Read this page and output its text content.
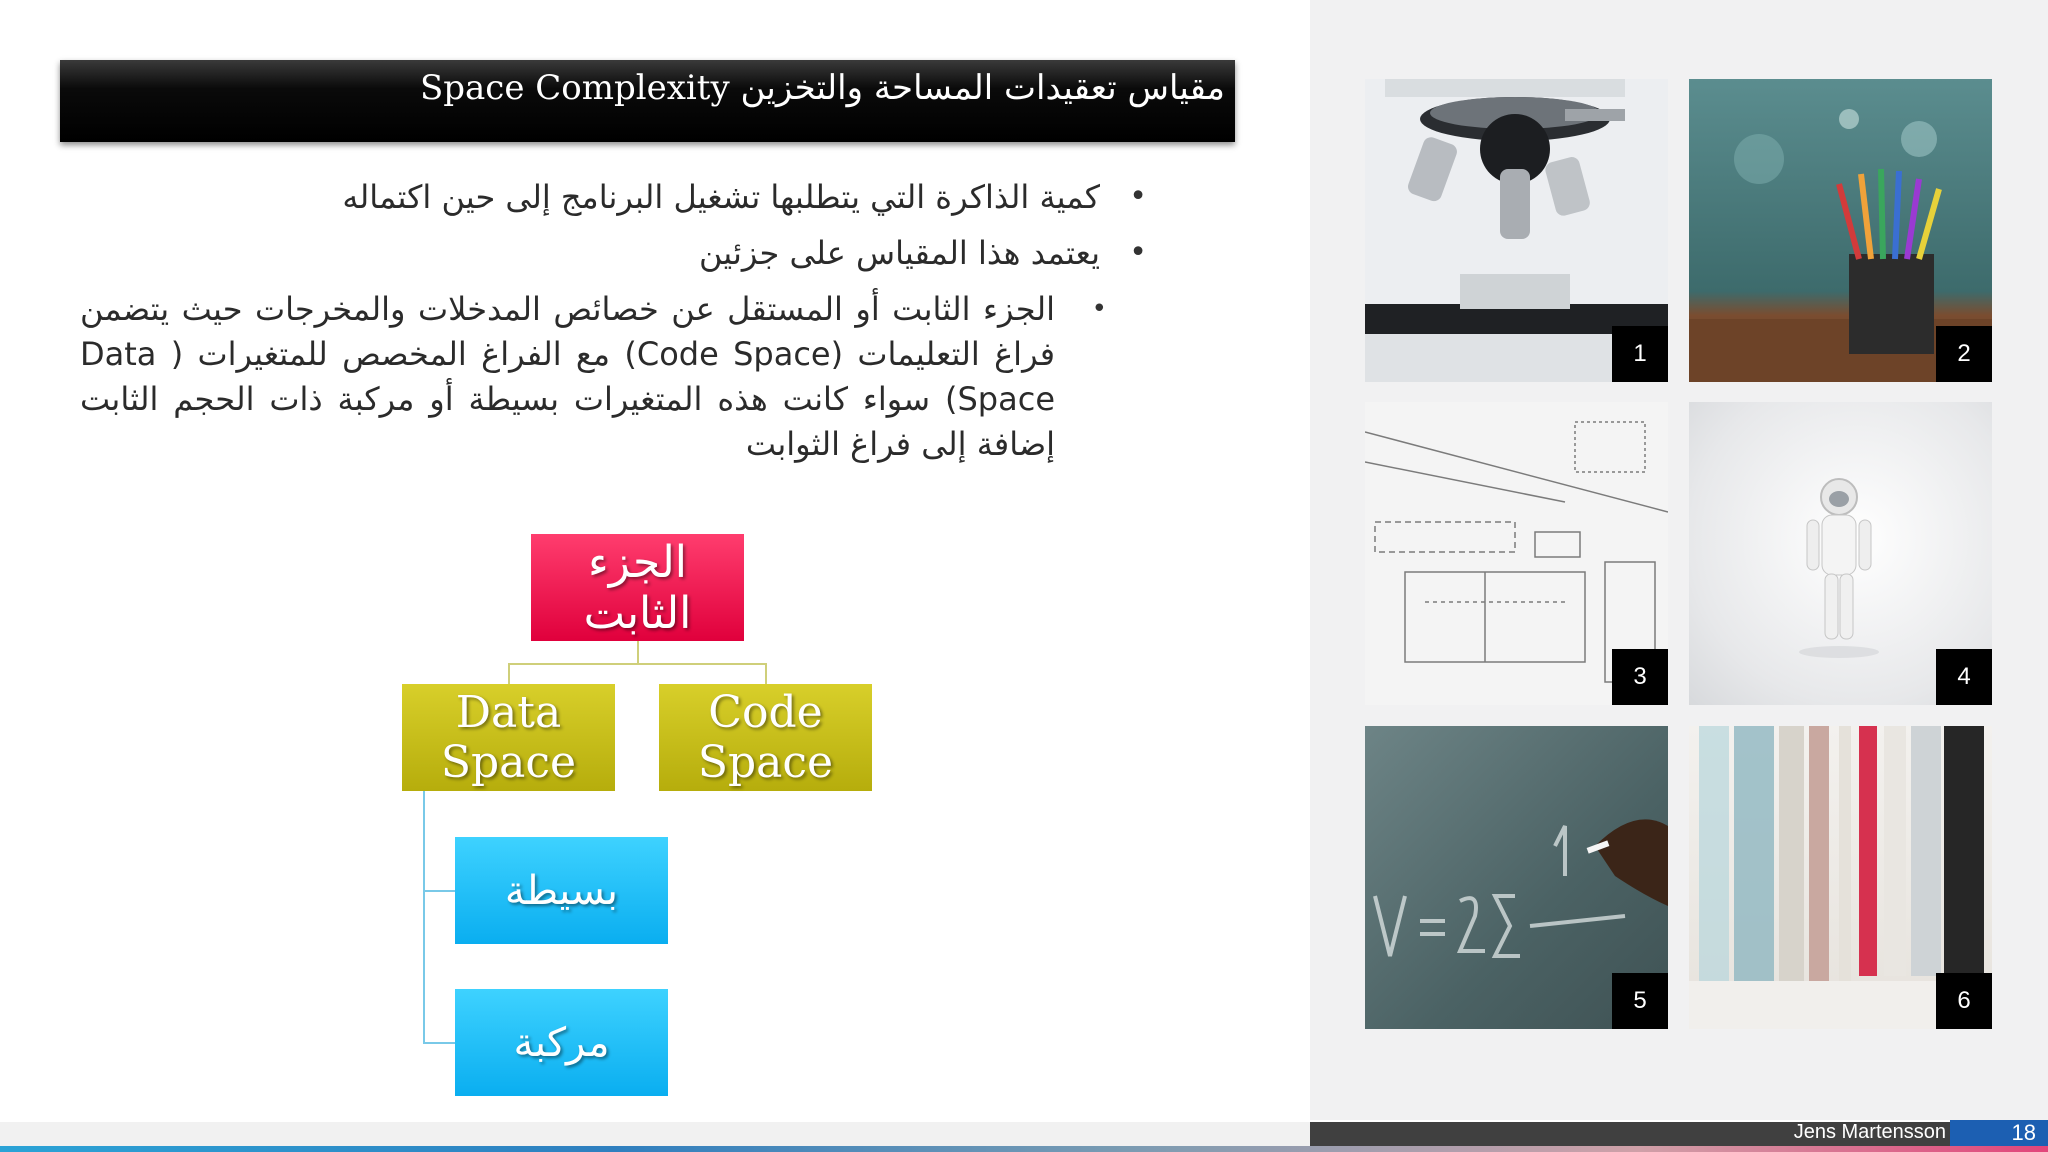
مقياس تعقيدات المساحة والتخزين Space Complexity
•
كمية الذاكرة التي يتطلبها تشغيل البرنامج إلى حين اكتماله
•
يعتمد هذا المقياس على جزئين
•
الجزء الثابت أو المستقل عن خصائص المدخلات والمخرجات حيث يتضمن فراغ التعليمات (Code Space) مع الفراغ المخصص للمتغيرات ( Data Space) سواء كانت هذه المتغيرات بسيطة أو مركبة ذات الحجم الثابت إضافة إلى فراغ الثوابت
الجزء الثابت
Data
Space
Code
Space
بسيطة
مركبة
1	2
3	4
5	6
Jens Martensson	18
